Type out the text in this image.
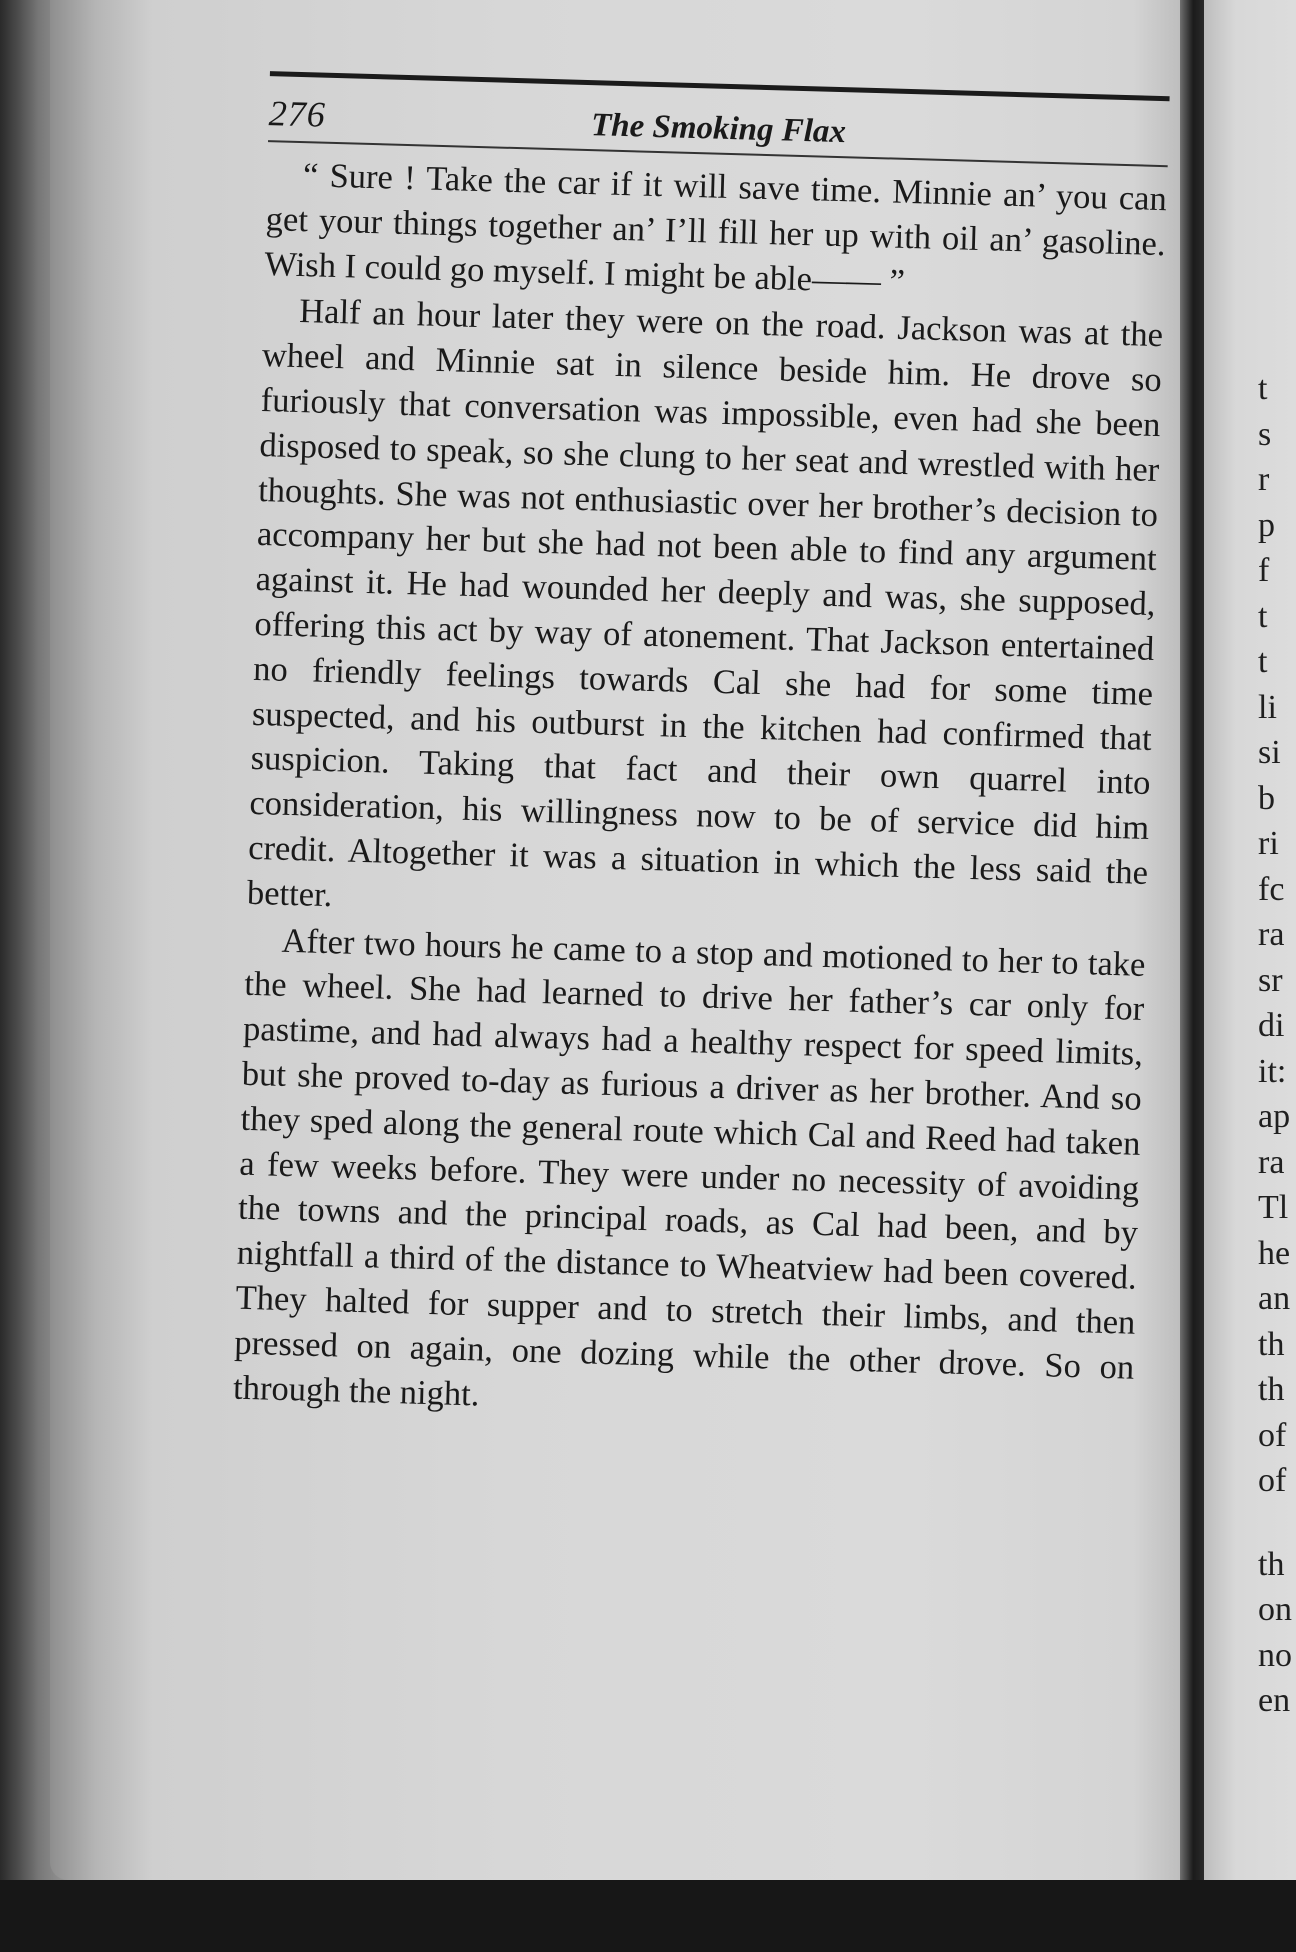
276	The Smoking Flax

“ Sure ! Take the car if it will save time. Minnie an’ you can get your things together an’ I’ll fill her up with oil an’ gasoline. Wish I could go myself. I might be able—— ”

Half an hour later they were on the road. Jackson was at the wheel and Minnie sat in silence beside him. He drove so furiously that conversation was impossible, even had she been disposed to speak, so she clung to her seat and wrestled with her thoughts. She was not enthusiastic over her brother’s decision to accompany her but she had not been able to find any argument against it. He had wounded her deeply and was, she supposed, offering this act by way of atonement. That Jackson entertained no friendly feelings towards Cal she had for some time suspected, and his outburst in the kitchen had confirmed that suspicion. Taking that fact and their own quarrel into consideration, his willingness now to be of service did him credit. Altogether it was a situation in which the less said the better.

After two hours he came to a stop and motioned to her to take the wheel. She had learned to drive her father’s car only for pastime, and had always had a healthy respect for speed limits, but she proved to-day as furious a driver as her brother. And so they sped along the general route which Cal and Reed had taken a few weeks before. They were under no necessity of avoiding the towns and the principal roads, as Cal had been, and by nightfall a third of the distance to Wheatview had been covered. They halted for supper and to stretch their limbs, and then pressed on again, one dozing while the other drove. So on through the night.

t
s
r
p
f
t
t
li
si
b
ri
fc
ra
sr
di
it:
ap
ra
Tl
he
an
th
th
of
of
th
on
no
en
